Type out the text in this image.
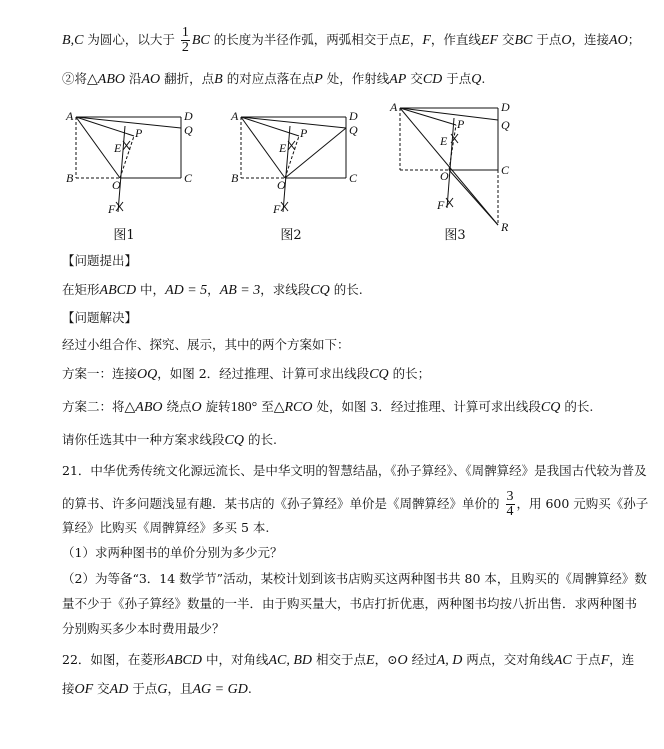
B,C 为圆心，以大于 $\frac{1}{2}$ BC 的长度为半径作弧，两弧相交于点E，F，作直线EF 交BC 于点O，连接AO；
②将△ABO 沿AO 翻折，点B 的对应点落在点P 处，作射线AP 交CD 于点Q.
A	D
P	Q
E
B	O	C
F
A	D
P	Q
E
B	O	C
F
A	D
P	Q
E
O	C
F
R
图1	图2	图3
【问题提出】
在矩形ABCD 中，AD = 5，AB = 3，求线段CQ 的长.
【问题解决】
经过小组合作、探究、展示，其中的两个方案如下：
方案一：连接OQ，如图 2．经过推理、计算可求出线段CQ 的长；
方案二：将△ABO 绕点O 旋转180° 至△RCO 处，如图 3．经过推理、计算可求出线段CQ 的长.
请你任选其中一种方案求线段CQ 的长.
21．中华优秀传统文化源远流长、是中华文明的智慧结晶，《孙子算经》、《周髀算经》是我国古代较为普及
的算书、许多问题浅显有趣．某书店的《孙子算经》单价是《周髀算经》单价的 $\frac{3}{4}$ ，用 600 元购买《孙子
算经》比购买《周髀算经》多买 5 本.
（1）求两种图书的单价分别为多少元？
（2）为等备“3．14 数学节”活动，某校计划到该书店购买这两种图书共 80 本，且购买的《周髀算经》数
量不少于《孙子算经》数量的一半．由于购买量大，书店打折优惠，两种图书均按八折出售．求两种图书
分别购买多少本时费用最少？
22．如图，在菱形ABCD 中，对角线AC, BD 相交于点E，⊙O 经过A, D 两点，交对角线AC 于点F，连
接OF 交AD 于点G，且AG = GD.
